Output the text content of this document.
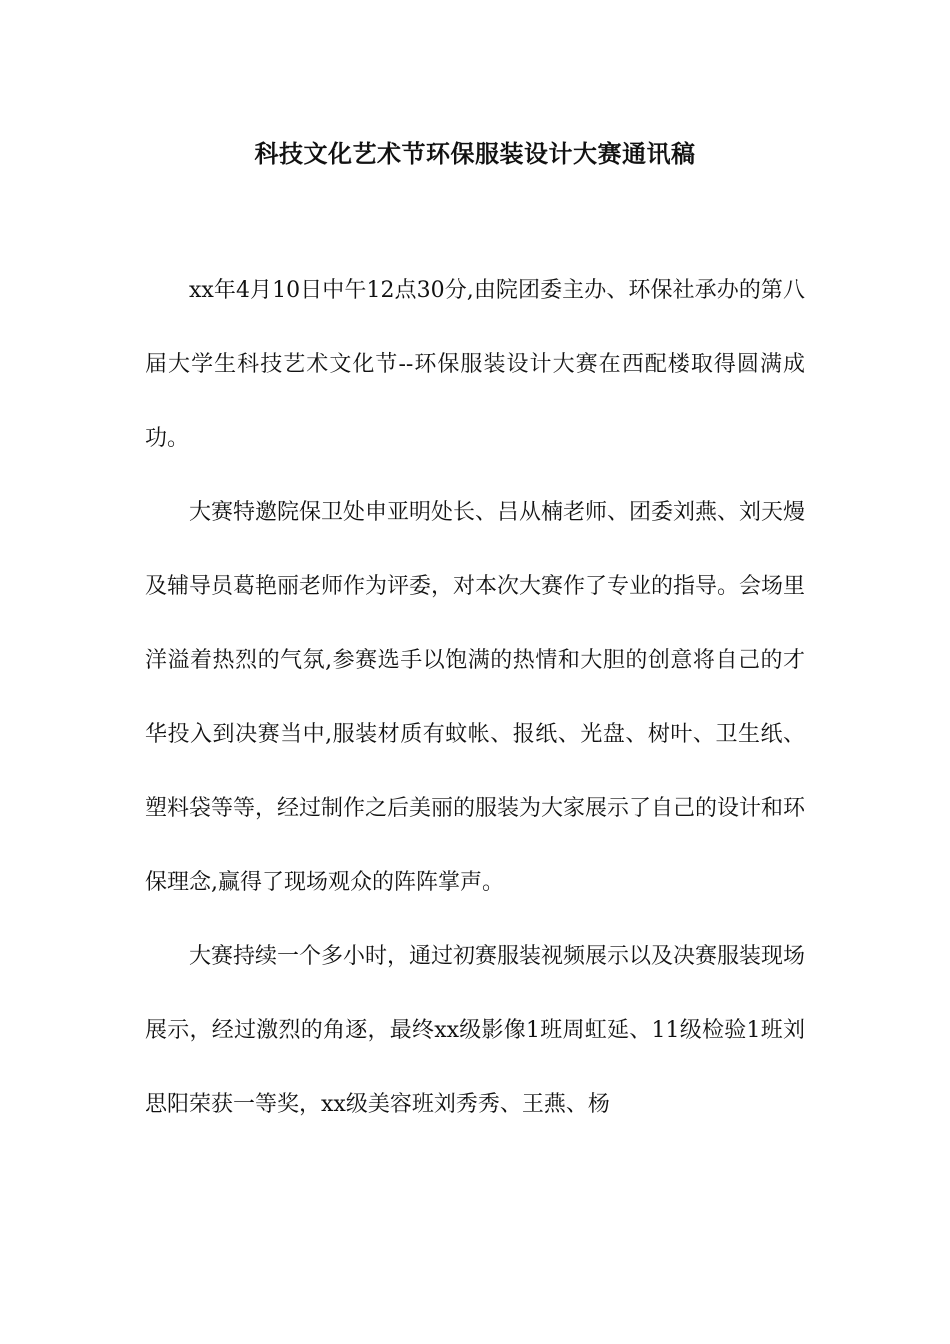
科技文化艺术节环保服装设计大赛通讯稿

xx年4月10日中午12点30分,由院团委主办、环保社承办的第八届大学生科技艺术文化节--环保服装设计大赛在西配楼取得圆满成功。

大赛特邀院保卫处申亚明处长、吕从楠老师、团委刘燕、刘天熳及辅导员葛艳丽老师作为评委，对本次大赛作了专业的指导。会场里洋溢着热烈的气氛,参赛选手以饱满的热情和大胆的创意将自己的才华投入到决赛当中,服装材质有蚊帐、报纸、光盘、树叶、卫生纸、塑料袋等等，经过制作之后美丽的服装为大家展示了自己的设计和环保理念,赢得了现场观众的阵阵掌声。

大赛持续一个多小时，通过初赛服装视频展示以及决赛服装现场展示，经过激烈的角逐，最终xx级影像1班周虹延、11级检验1班刘思阳荣获一等奖，xx级美容班刘秀秀、王燕、杨
